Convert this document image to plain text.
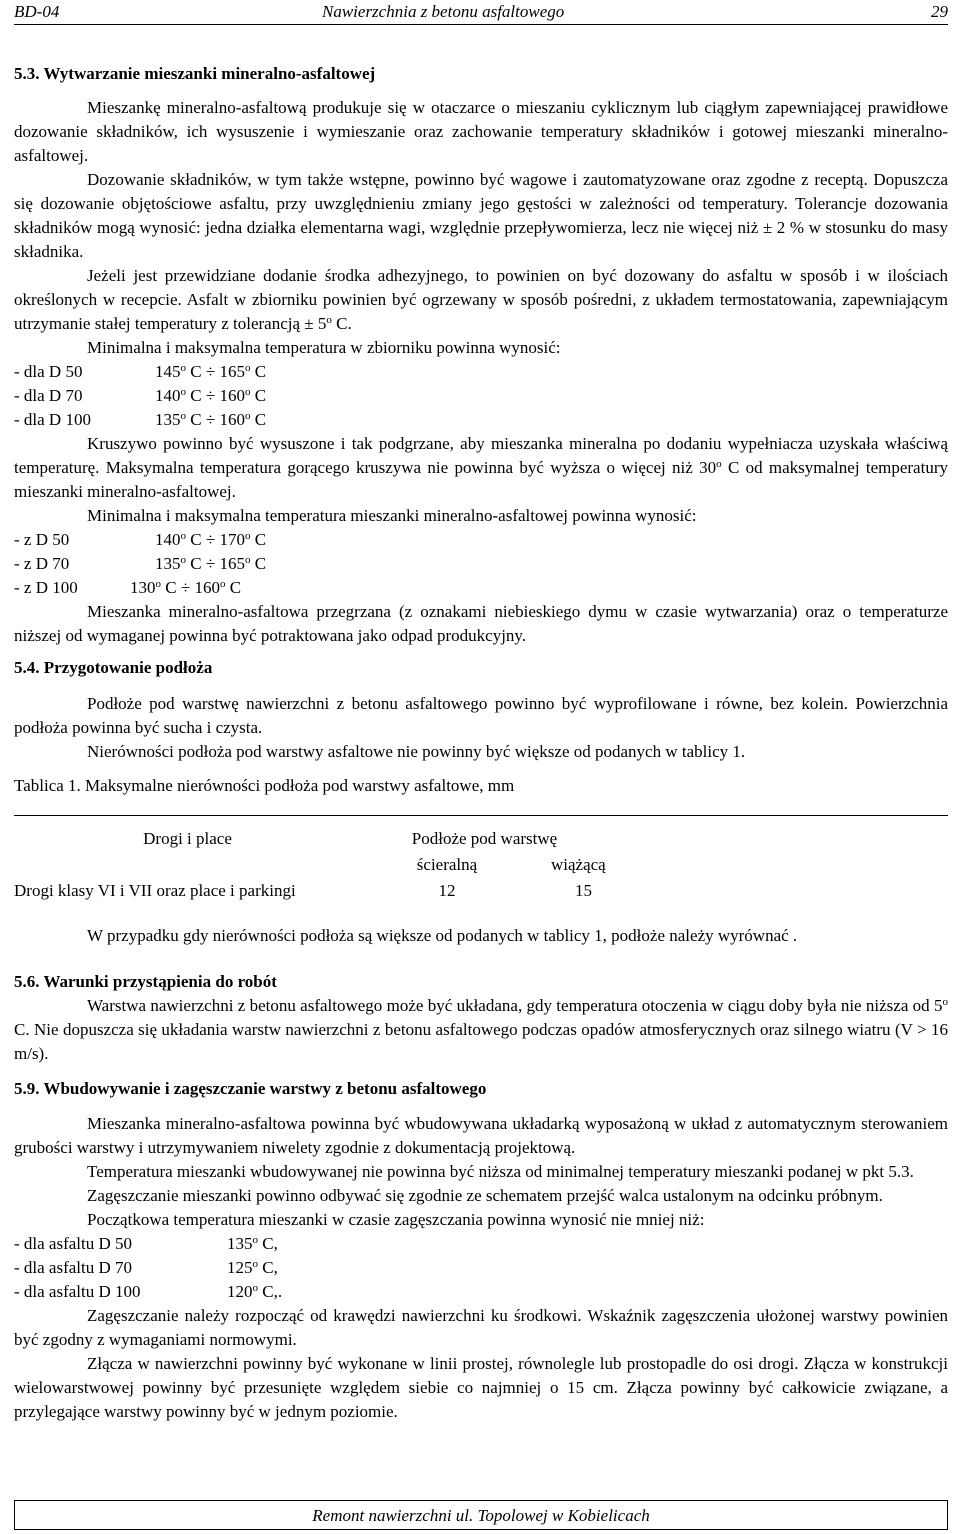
BD-04	Nawierzchnia z betonu asfaltowego	29
5.3. Wytwarzanie mieszanki mineralno-asfaltowej

Mieszankę mineralno-asfaltową produkuje się w otaczarce o mieszaniu cyklicznym lub ciągłym zapewniającej prawidłowe dozowanie składników, ich wysuszenie i wymieszanie oraz zachowanie temperatury składników i gotowej mieszanki mineralno-asfaltowej.

Dozowanie składników, w tym także wstępne, powinno być wagowe i zautomatyzowane oraz zgodne z receptą. Dopuszcza się dozowanie objętościowe asfaltu, przy uwzględnieniu zmiany jego gęstości w zależności od temperatury. Tolerancje dozowania składników mogą wynosić: jedna działka elementarna wagi, względnie przepływomierza, lecz nie więcej niż ± 2 % w stosunku do masy składnika.

Jeżeli jest przewidziane dodanie środka adhezyjnego, to powinien on być dozowany do asfaltu w sposób i w ilościach określonych w recepcie. Asfalt w zbiorniku powinien być ogrzewany w sposób pośredni, z układem termostatowania, zapewniającym utrzymanie stałej temperatury z tolerancją ± $5^o$ C.

Minimalna i maksymalna temperatura w zbiorniku powinna wynosić:

- dla D 50	145$^o$ $C \div 165^o$ C
- dla D 70	140$^o$ $C \div 160^o$ C
- dla D 100	135$^o$ $C \div 160^o$ C

Kruszywo powinno być wysuszone i tak podgrzane, aby mieszanka mineralna po dodaniu wypełniacza uzyskała właściwą temperaturę. Maksymalna temperatura gorącego kruszywa nie powinna być wyższa o więcej niż 30$^o$ C od maksymalnej temperatury mieszanki mineralno-asfaltowej.

Minimalna i maksymalna temperatura mieszanki mineralno-asfaltowej powinna wynosić:

- z D 50	140$^o$ $C \div 170^o$ C
- z D 70	135$^o$ $C \div 165^o$ C
- z D 100	130$^o$ $C \div 160^o$ C

Mieszanka mineralno-asfaltowa przegrzana (z oznakami niebieskiego dymu w czasie wytwarzania) oraz o temperaturze niższej od wymaganej powinna być potraktowana jako odpad produkcyjny.

5.4. Przygotowanie podłoża

Podłoże pod warstwę nawierzchni z betonu asfaltowego powinno być wyprofilowane i równe, bez kolein. Powierzchnia podłoża powinna być sucha i czysta.

Nierówności podłoża pod warstwy asfaltowe nie powinny być większe od podanych w tablicy 1.

Tablica 1. Maksymalne nierówności podłoża pod warstwy asfaltowe, mm

Drogi i place	Podłoże pod warstwę	
	ścieralną	wiążącą
Drogi klasy VI i VII oraz place i parkingi	12	15

W przypadku gdy nierówności podłoża są większe od podanych w tablicy 1, podłoże należy wyrównać .

5.6. Warunki przystąpienia do robót

Warstwa nawierzchni z betonu asfaltowego może być układana, gdy temperatura otoczenia w ciągu doby była nie niższa od 5$^o$ C. Nie dopuszcza się układania warstw nawierzchni z betonu asfaltowego podczas opadów atmosferycznych oraz silnego wiatru (V > 16 m/s).

5.9. Wbudowywanie i zagęszczanie warstwy z betonu asfaltowego

Mieszanka mineralno-asfaltowa powinna być wbudowywana układarką wyposażoną w układ z automatycznym sterowaniem grubości warstwy i utrzymywaniem niwelety zgodnie z dokumentacją projektową.

Temperatura mieszanki wbudowywanej nie powinna być niższa od minimalnej temperatury mieszanki podanej w pkt 5.3.

Zagęszczanie mieszanki powinno odbywać się zgodnie ze schematem przejść walca ustalonym na odcinku próbnym.

Początkowa temperatura mieszanki w czasie zagęszczania powinna wynosić nie mniej niż:

- dla asfaltu D 50	135$^o$ C,
- dla asfaltu D 70	125$^o$ C,
- dla asfaltu D 100	120$^o$ C,.

Zagęszczanie należy rozpocząć od krawędzi nawierzchni ku środkowi. Wskaźnik zagęszczenia ułożonej warstwy powinien być zgodny z wymaganiami normowymi.

Złącza w nawierzchni powinny być wykonane w linii prostej, równolegle lub prostopadle do osi drogi. Złącza w konstrukcji wielowarstwowej powinny być przesunięte względem siebie co najmniej o 15 cm. Złącza powinny być całkowicie związane, a przylegające warstwy powinny być w jednym poziomie.

Remont nawierzchni ul. Topolowej w Kobielicach
